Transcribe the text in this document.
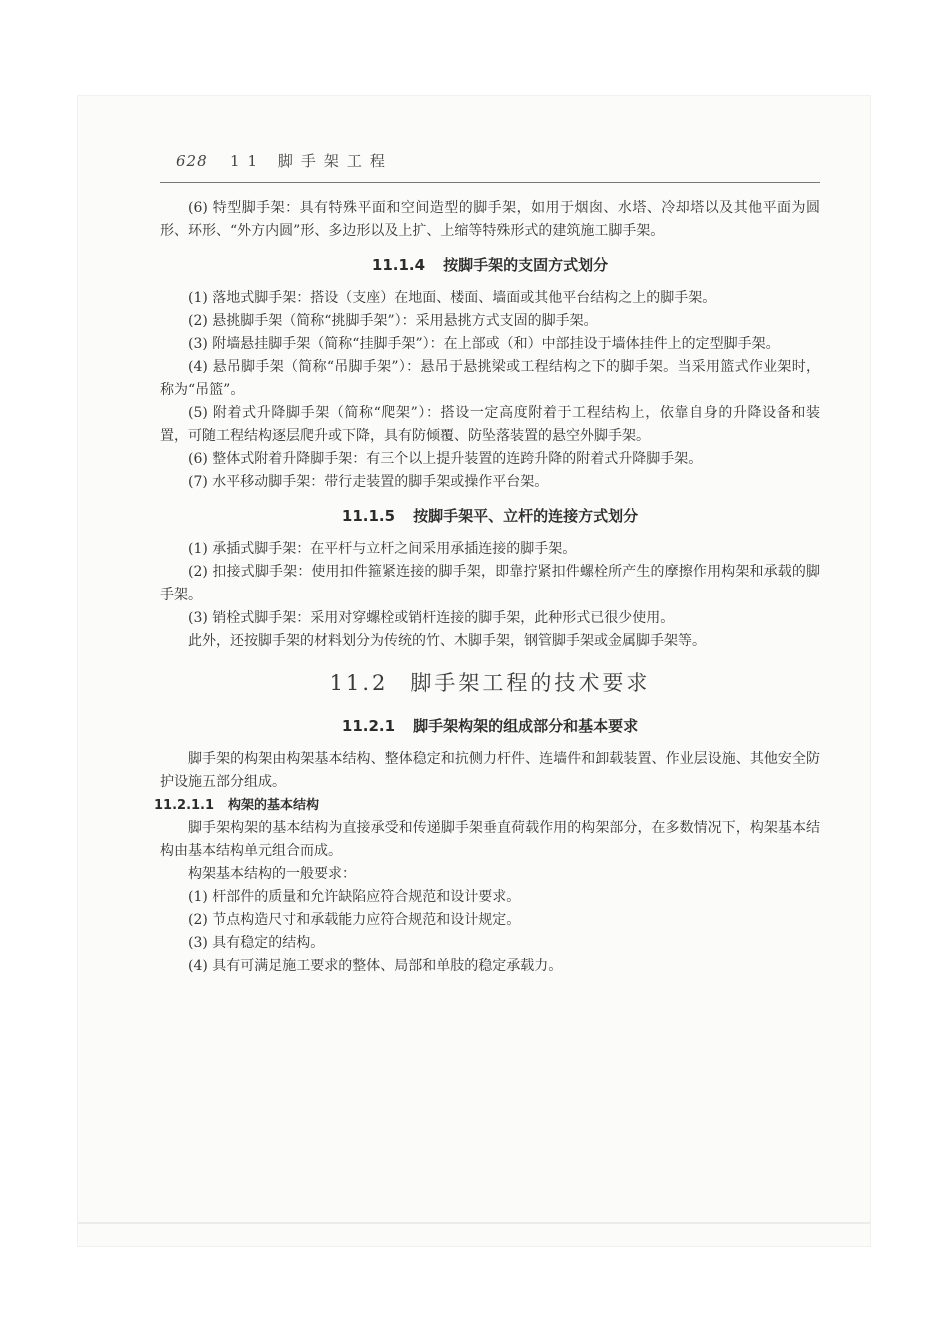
628	11 脚手架工程

(6) 特型脚手架：具有特殊平面和空间造型的脚手架，如用于烟囱、水塔、冷却塔以及其他平面为圆形、环形、“外方内圆”形、多边形以及上扩、上缩等特殊形式的建筑施工脚手架。

11.1.4 按脚手架的支固方式划分

(1) 落地式脚手架：搭设（支座）在地面、楼面、墙面或其他平台结构之上的脚手架。

(2) 悬挑脚手架（简称“挑脚手架”）：采用悬挑方式支固的脚手架。

(3) 附墙悬挂脚手架（简称“挂脚手架”）：在上部或（和）中部挂设于墙体挂件上的定型脚手架。

(4) 悬吊脚手架（简称“吊脚手架”）：悬吊于悬挑梁或工程结构之下的脚手架。当采用篮式作业架时，称为“吊篮”。

(5) 附着式升降脚手架（简称“爬架”）：搭设一定高度附着于工程结构上，依靠自身的升降设备和装置，可随工程结构逐层爬升或下降，具有防倾覆、防坠落装置的悬空外脚手架。

(6) 整体式附着升降脚手架：有三个以上提升装置的连跨升降的附着式升降脚手架。

(7) 水平移动脚手架：带行走装置的脚手架或操作平台架。

11.1.5 按脚手架平、立杆的连接方式划分

(1) 承插式脚手架：在平杆与立杆之间采用承插连接的脚手架。

(2) 扣接式脚手架：使用扣件箍紧连接的脚手架，即靠拧紧扣件螺栓所产生的摩擦作用构架和承载的脚手架。

(3) 销栓式脚手架：采用对穿螺栓或销杆连接的脚手架，此种形式已很少使用。

此外，还按脚手架的材料划分为传统的竹、木脚手架，钢管脚手架或金属脚手架等。

11.2 脚手架工程的技术要求
11.2.1 脚手架构架的组成部分和基本要求

脚手架的构架由构架基本结构、整体稳定和抗侧力杆件、连墙件和卸载装置、作业层设施、其他安全防护设施五部分组成。

11.2.1.1 构架的基本结构

脚手架构架的基本结构为直接承受和传递脚手架垂直荷载作用的构架部分，在多数情况下，构架基本结构由基本结构单元组合而成。

构架基本结构的一般要求：

(1) 杆部件的质量和允许缺陷应符合规范和设计要求。

(2) 节点构造尺寸和承载能力应符合规范和设计规定。

(3) 具有稳定的结构。

(4) 具有可满足施工要求的整体、局部和单肢的稳定承载力。
